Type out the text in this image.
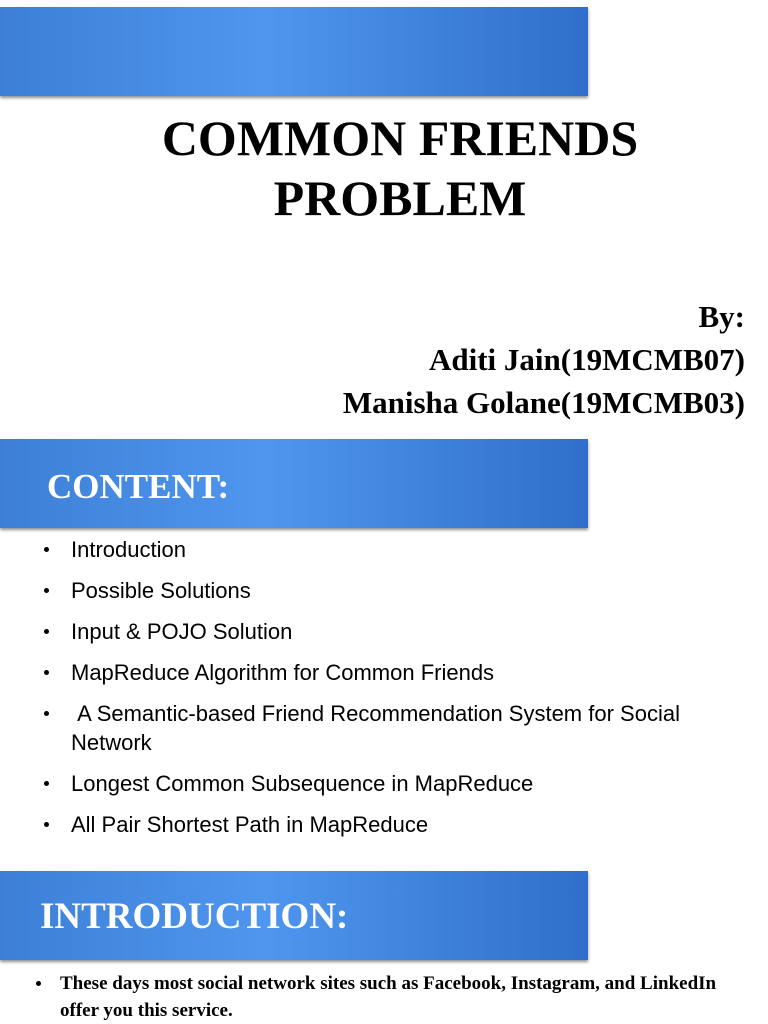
COMMON FRIENDS
PROBLEM
By:
Aditi Jain(19MCMB07)
Manisha Golane(19MCMB03)
CONTENT:
Introduction
Possible Solutions
Input & POJO Solution
MapReduce Algorithm for Common Friends
A Semantic-based Friend Recommendation System for Social Network
Longest Common Subsequence in MapReduce
All Pair Shortest Path in MapReduce
INTRODUCTION:
These days most social network sites such as Facebook, Instagram, and LinkedIn offer you this service.
